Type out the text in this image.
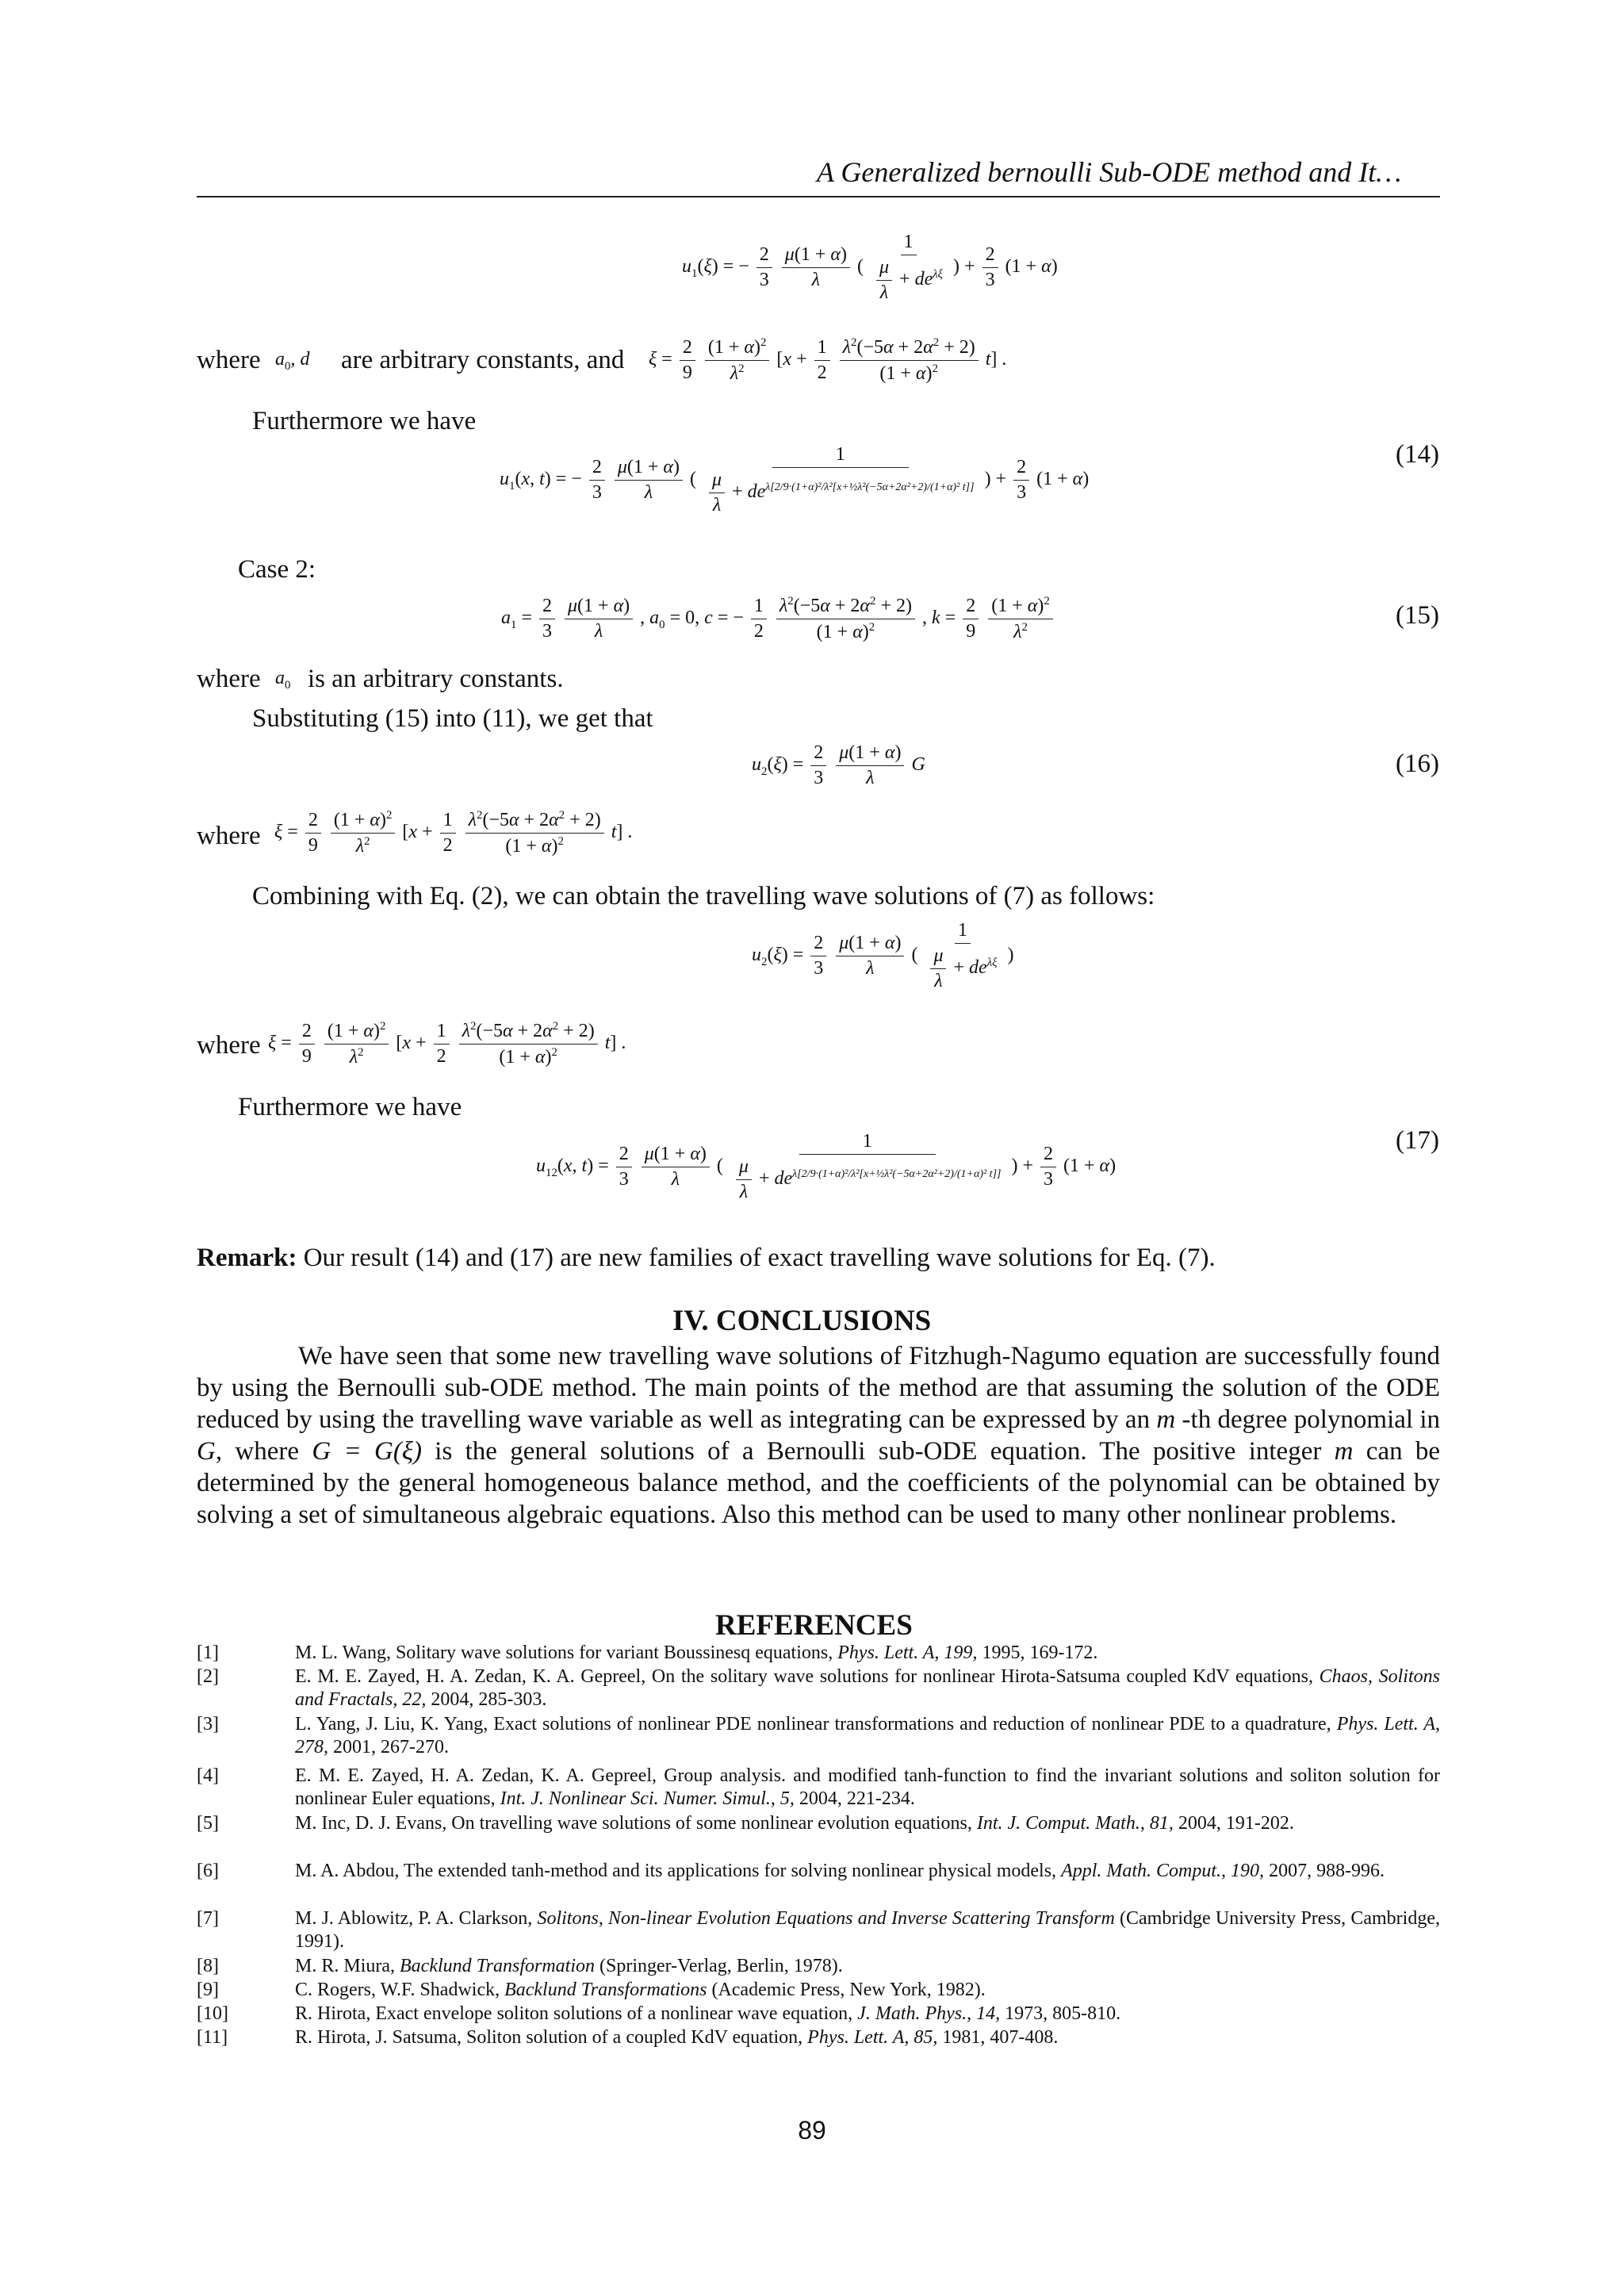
A Generalized bernoulli Sub-ODE method and It…
$u_1(\xi)$ = − $\frac{2}{3}$
$\frac{\mu(1 + \alpha)}{\lambda}$ ( $\frac{1}{\frac{\mu}{\lambda} + de^{\lambda\xi}}$ ) + $\frac{2}{3} (1 + \alpha)$
where $a_0$, d are arbitrary constants, and $\xi = \frac{2}{9}$
$\frac{(1 + \alpha)^2}{\lambda^2} [x + \frac{1}{2}$
$\frac{\lambda^2(-5\alpha + 2\alpha^2 + 2)}{(1 + \alpha)^2} t$] .
Furthermore we have
$u_1(x$, t) = − $\frac{2}{3}$
$\frac{\mu(1 + \alpha)}{\lambda}$ ( $\frac{1}{\frac{\mu}{\lambda} + de^{\lambda[2/9\cdot(1+\alpha)^2/\lambda^2[x+\frac{1}{2}\lambda^2(-5\alpha+2\alpha^2+2)/(1+\alpha)^2 t]]}}$ ) + $\frac{2}{3} (1 + \alpha)$
(14)
Case 2:
$a_1 = \frac{2}{3}$
$\frac{\mu(1 + \alpha)}{\lambda}$ , $a_0 = 0$, c = − $\frac{1}{2}$
$\frac{\lambda^2(-5\alpha + 2\alpha^2 + 2)}{(1 + \alpha)^2}$ , $k = \frac{2}{9}$
$\frac{(1 + \alpha)^2}{\lambda^2}$	(15)
where $a_0$ is an arbitrary constants.
Substituting (15) into (11), we get that
$u_2(\xi) = \frac{2}{3}$
$\frac{\mu(1 + \alpha)}{\lambda}$ G	(16)
where $\xi = \frac{2}{9}$
$\frac{(1 + \alpha)^2}{\lambda^2} [x + \frac{1}{2}$
$\frac{\lambda^2(-5\alpha + 2\alpha^2 + 2)}{(1 + \alpha)^2} t$] .
Combining with Eq. (2), we can obtain the travelling wave solutions of (7) as follows:
$u_2(\xi) = \frac{2}{3}$
$\frac{\mu(1 + \alpha)}{\lambda}$ ( $\frac{1}{\frac{\mu}{\lambda} + de^{\lambda\xi}}$ )
where $\xi = \frac{2}{9}$
$\frac{(1 + \alpha)^2}{\lambda^2} [x + \frac{1}{2}$
$\frac{\lambda^2(-5\alpha + 2\alpha^2 + 2)}{(1 + \alpha)^2} t$] .
Furthermore we have
$u_{12}(x$, $t) = \frac{2}{3}$
$\frac{\mu(1 + \alpha)}{\lambda}$ ( $\frac{1}{\frac{\mu}{\lambda} + de^{\lambda[2/9\cdot(1+\alpha)^2/\lambda^2[x+\frac{1}{2}\lambda^2(-5\alpha+2\alpha^2+2)/(1+\alpha)^2 t]]}}$ ) + $\frac{2}{3} (1 + \alpha)$
(17)
Remark: Our result (14) and (17) are new families of exact travelling wave solutions for Eq. (7).
IV. CONCLUSIONS
We have seen that some new travelling wave solutions of Fitzhugh-Nagumo equation are successfully found by using the Bernoulli sub-ODE method. The main points of the method are that assuming the solution of the ODE reduced by using the travelling wave variable as well as integrating can be expressed by an m -th degree polynomial in G, where G = G(ξ) is the general solutions of a Bernoulli sub-ODE equation. The positive integer m can be determined by the general homogeneous balance method, and the coefficients of the polynomial can be obtained by solving a set of simultaneous algebraic equations. Also this method can be used to many other nonlinear problems.
REFERENCES
[1]	M. L. Wang, Solitary wave solutions for variant Boussinesq equations, Phys. Lett. A, 199, 1995, 169-172.
[2]	E. M. E. Zayed, H. A. Zedan, K. A. Gepreel, On the solitary wave solutions for nonlinear Hirota-Satsuma coupled KdV equations, Chaos, Solitons and Fractals, 22, 2004, 285-303.
[3]	L. Yang, J. Liu, K. Yang, Exact solutions of nonlinear PDE nonlinear transformations and reduction of nonlinear PDE to a quadrature, Phys. Lett. A, 278, 2001, 267-270.
[4]	E. M. E. Zayed, H. A. Zedan, K. A. Gepreel, Group analysis. and modified tanh-function to find the invariant solutions and soliton solution for nonlinear Euler equations, Int. J. Nonlinear Sci. Numer. Simul., 5, 2004, 221-234.
[5]	M. Inc, D. J. Evans, On travelling wave solutions of some nonlinear evolution equations, Int. J. Comput. Math., 81, 2004, 191-202.
[6]	M. A. Abdou, The extended tanh-method and its applications for solving nonlinear physical models, Appl. Math. Comput., 190, 2007, 988-996.
[7]	M. J. Ablowitz, P. A. Clarkson, Solitons, Non-linear Evolution Equations and Inverse Scattering Transform (Cambridge University Press, Cambridge, 1991).
[8]	M. R. Miura, Backlund Transformation (Springer-Verlag, Berlin, 1978).
[9]	C. Rogers, W.F. Shadwick, Backlund Transformations (Academic Press, New York, 1982).
[10]	R. Hirota, Exact envelope soliton solutions of a nonlinear wave equation, J. Math. Phys., 14, 1973, 805-810.
[11]	R. Hirota, J. Satsuma, Soliton solution of a coupled KdV equation, Phys. Lett. A, 85, 1981, 407-408.
89
